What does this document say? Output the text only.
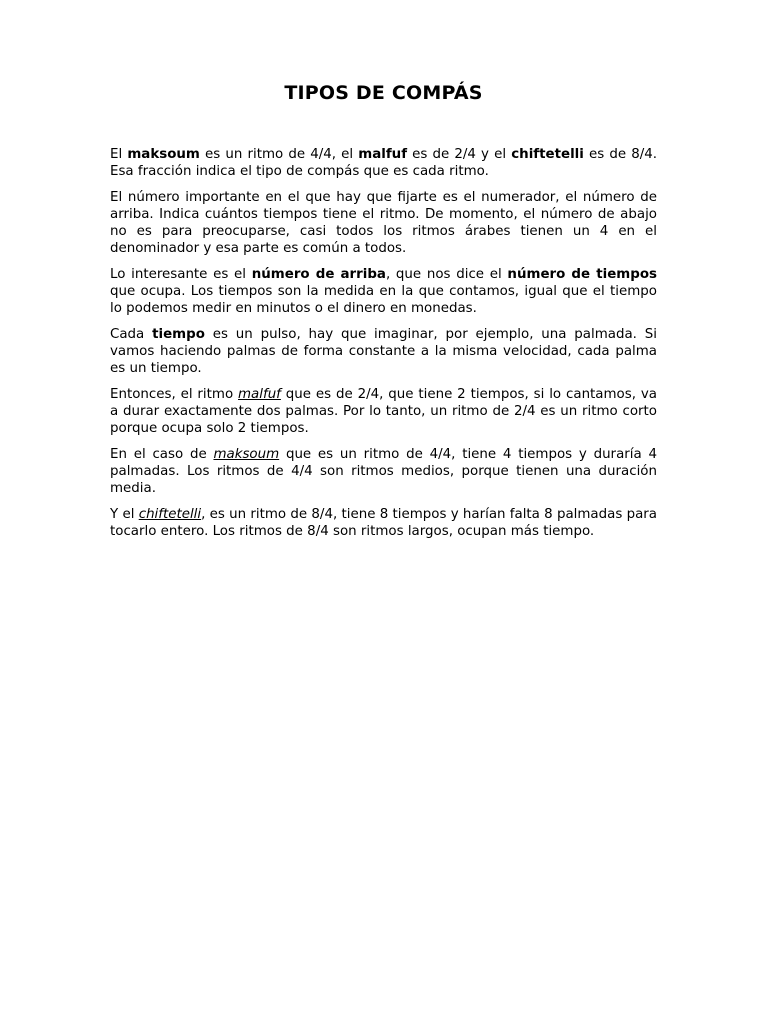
TIPOS DE COMPÁS

El maksoum es un ritmo de 4/4, el malfuf es de 2/4 y el chiftetelli es de 8/4. Esa fracción indica el tipo de compás que es cada ritmo.

El número importante en el que hay que fijarte es el numerador, el número de arriba. Indica cuántos tiempos tiene el ritmo. De momento, el número de abajo no es para preocuparse, casi todos los ritmos árabes tienen un 4 en el denominador y esa parte es común a todos.

Lo interesante es el número de arriba, que nos dice el número de tiempos que ocupa. Los tiempos son la medida en la que contamos, igual que el tiempo lo podemos medir en minutos o el dinero en monedas.

Cada tiempo es un pulso, hay que imaginar, por ejemplo, una palmada. Si vamos haciendo palmas de forma constante a la misma velocidad, cada palma es un tiempo.

Entonces, el ritmo malfuf que es de 2/4, que tiene 2 tiempos, si lo cantamos, va a durar exactamente dos palmas. Por lo tanto, un ritmo de 2/4 es un ritmo corto porque ocupa solo 2 tiempos.

En el caso de maksoum que es un ritmo de 4/4, tiene 4 tiempos y duraría 4 palmadas. Los ritmos de 4/4 son ritmos medios, porque tienen una duración media.

Y el chiftetelli, es un ritmo de 8/4, tiene 8 tiempos y harían falta 8 palmadas para tocarlo entero. Los ritmos de 8/4 son ritmos largos, ocupan más tiempo.
